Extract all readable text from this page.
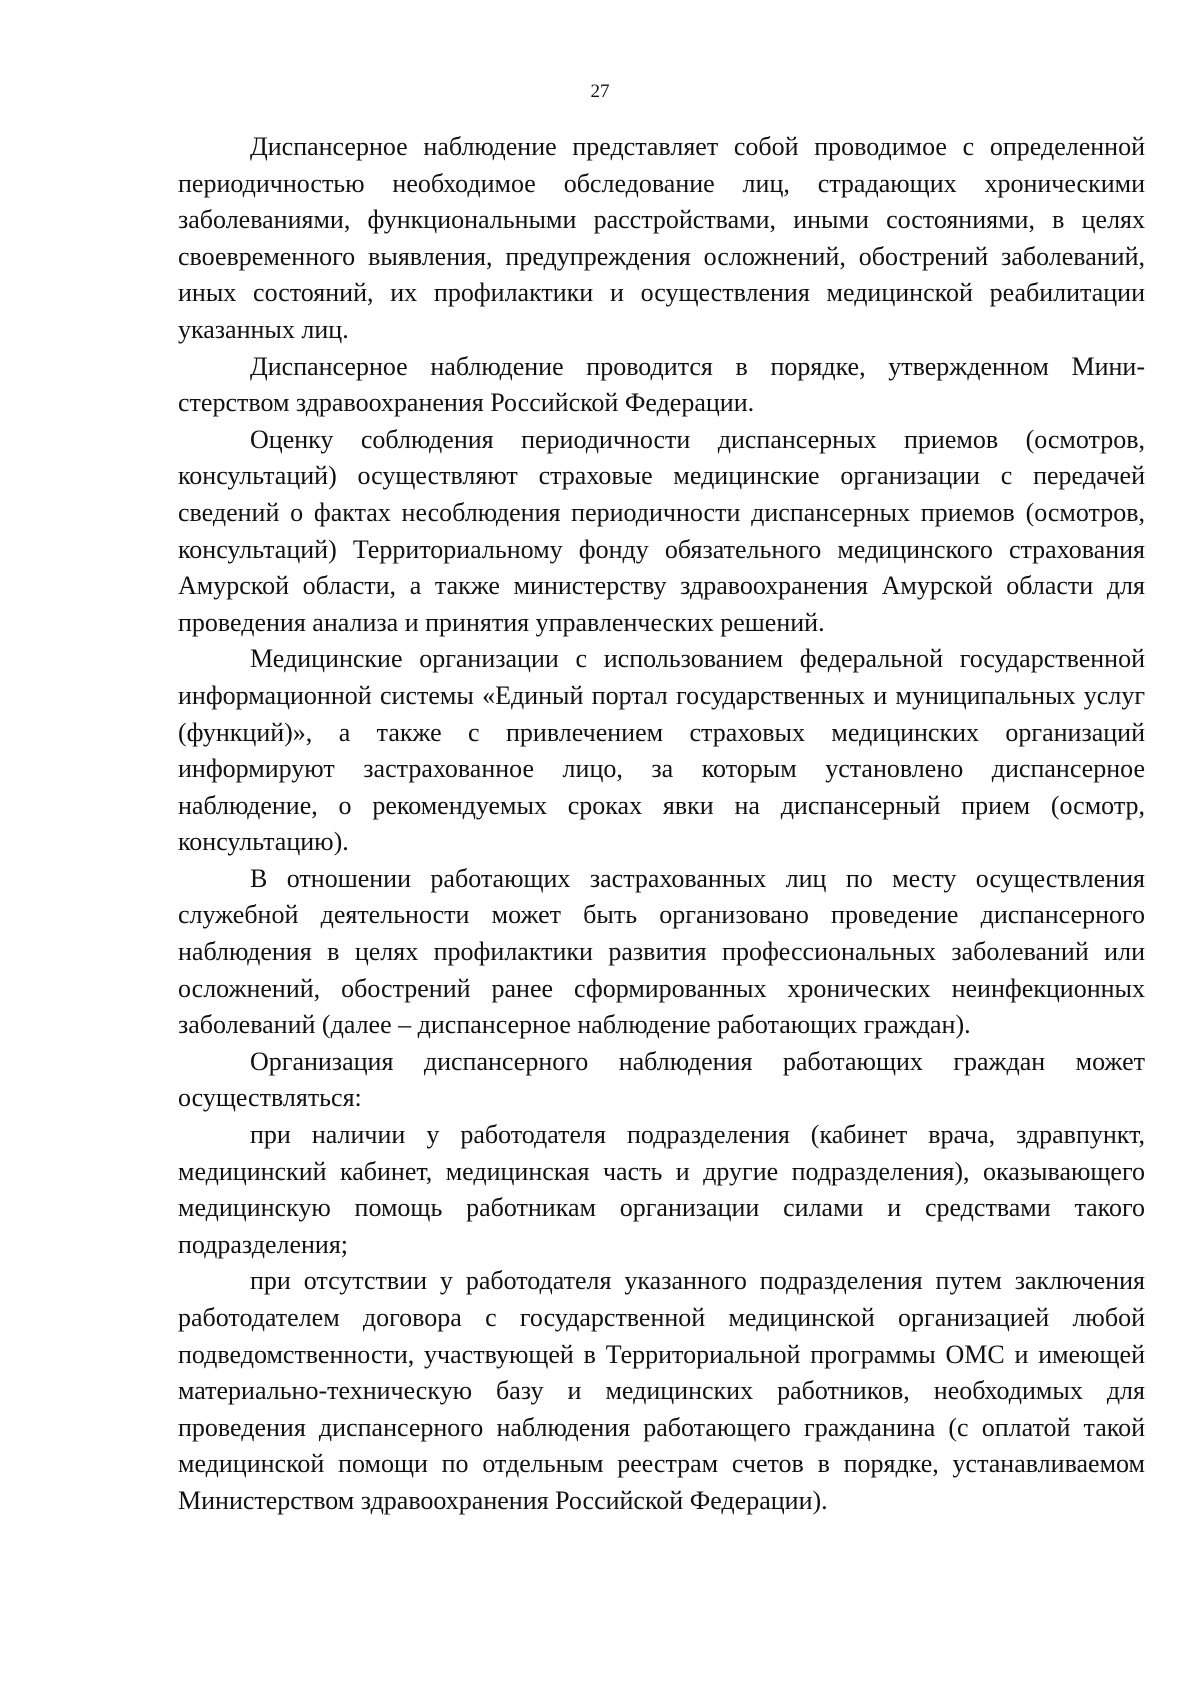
27

Диспансерное наблюдение представляет собой проводимое с определенной периодичностью необходимое обследование лиц, страдающих хроническими заболеваниями, функциональными расстройствами, иными состояниями, в целях своевременного выявления, предупреждения осложнений, обострений заболеваний, иных состояний, их профилактики и осуществления медицинской реабилитации указанных лиц.

Диспансерное наблюдение проводится в порядке, утвержденном Министерством здравоохранения Российской Федерации.

Оценку соблюдения периодичности диспансерных приемов (осмотров, консультаций) осуществляют страховые медицинские организации с передачей сведений о фактах несоблюдения периодичности диспансерных приемов (осмотров, консультаций) Территориальному фонду обязательного медицинского страхования Амурской области, а также министерству здравоохранения Амурской области для проведения анализа и принятия управленческих решений.

Медицинские организации с использованием федеральной государственной информационной системы «Единый портал государственных и муниципальных услуг (функций)», а также с привлечением страховых медицинских организаций информируют застрахованное лицо, за которым установлено диспансерное наблюдение, о рекомендуемых сроках явки на диспансерный прием (осмотр, консультацию).

В отношении работающих застрахованных лиц по месту осуществления служебной деятельности может быть организовано проведение диспансерного наблюдения в целях профилактики развития профессиональных заболеваний или осложнений, обострений ранее сформированных хронических неинфекционных заболеваний (далее – диспансерное наблюдение работающих граждан).

Организация диспансерного наблюдения работающих граждан может осуществляться:

при наличии у работодателя подразделения (кабинет врача, здравпункт, медицинский кабинет, медицинская часть и другие подразделения), оказывающего медицинскую помощь работникам организации силами и средствами такого подразделения;

при отсутствии у работодателя указанного подразделения путем заключения работодателем договора с государственной медицинской организацией любой подведомственности, участвующей в Территориальной программы ОМС и имеющей материально-техническую базу и медицинских работников, необходимых для проведения диспансерного наблюдения работающего гражданина (с оплатой такой медицинской помощи по отдельным реестрам счетов в порядке, устанавливаемом Министерством здравоохранения Российской Федерации).
